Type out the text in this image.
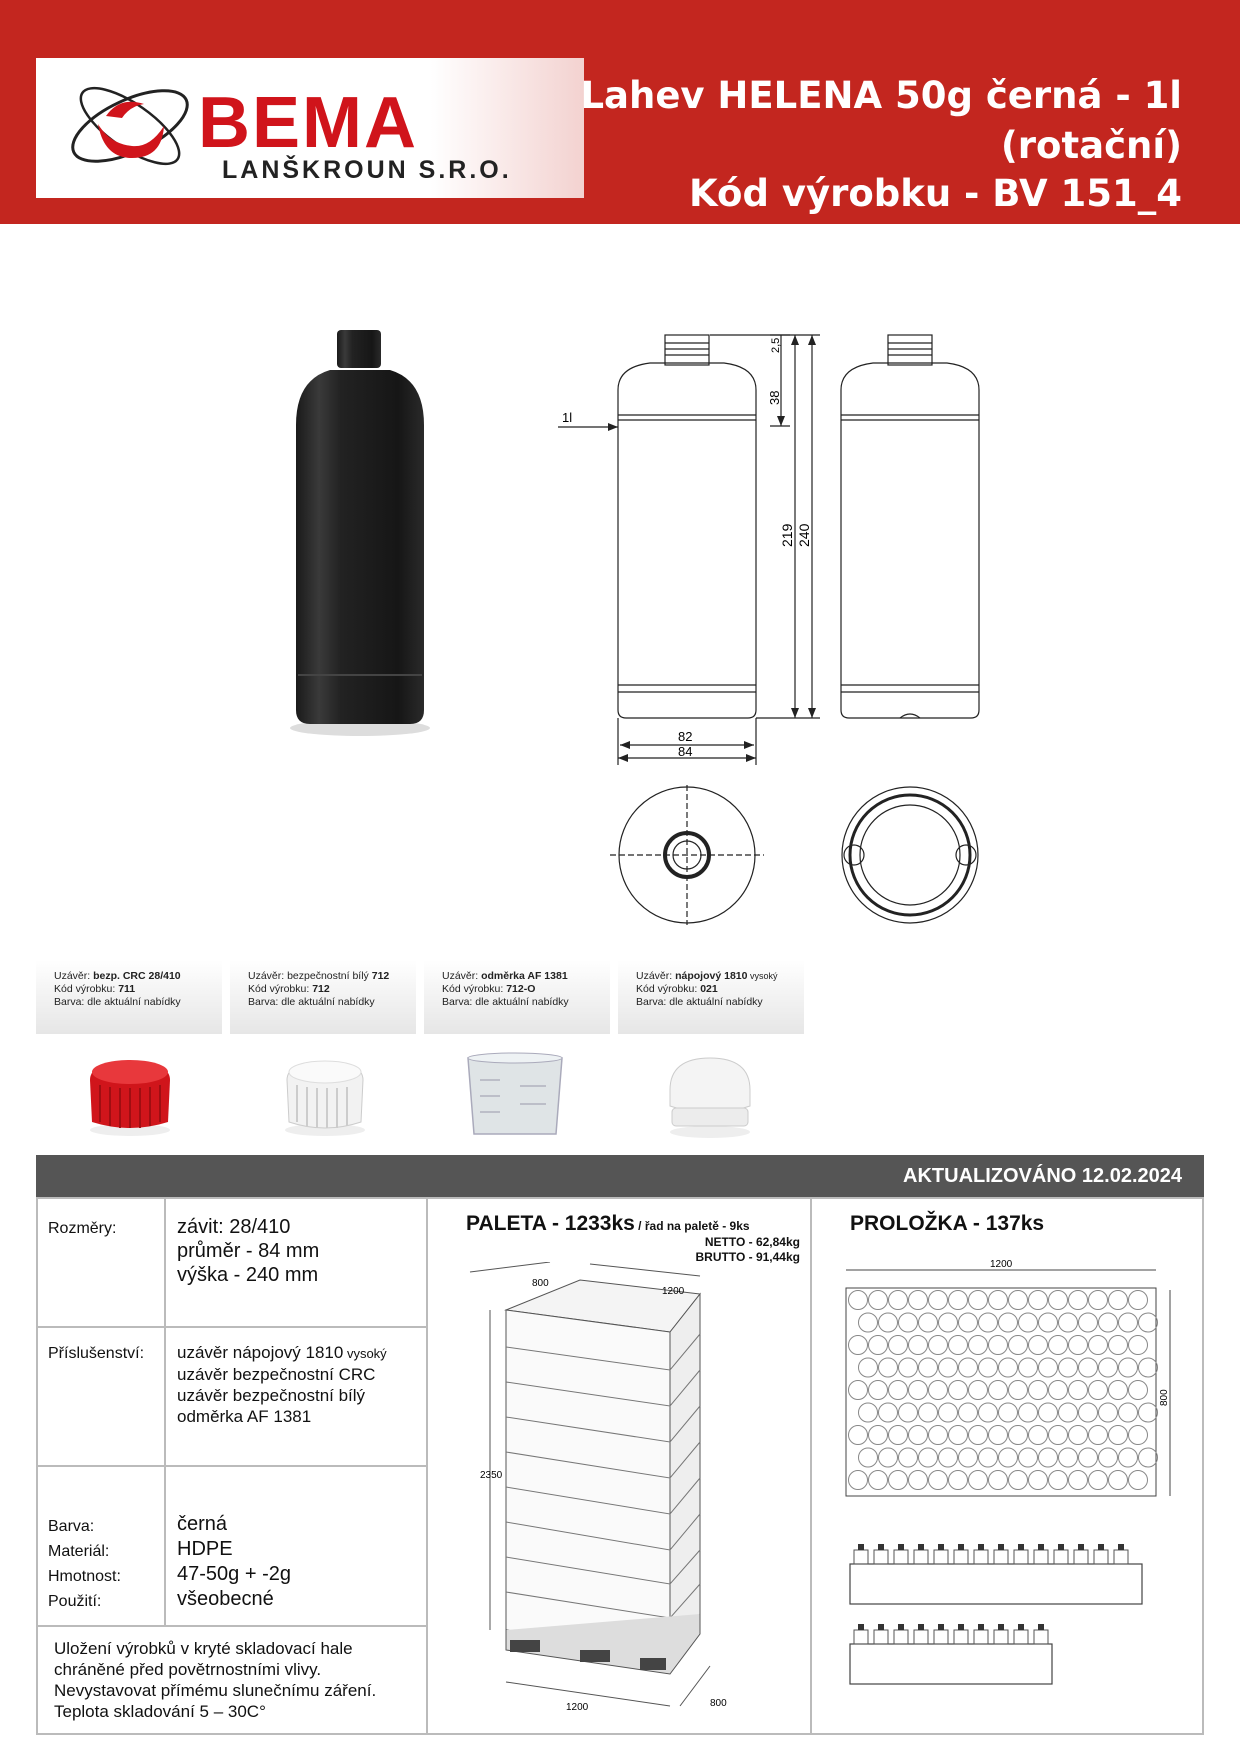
BEMA
LANŠKROUN S.R.O.
Lahev HELENA 50g černá - 1l
(rotační)
Kód výrobku - BV 151_4
1l
2,5
38
219 240
82
84
Uzávěr: bezp. CRC 28/410
Kód výrobku: 711
Barva: dle aktuální nabídky
Uzávěr: bezpečnostní bílý 712
Kód výrobku: 712
Barva: dle aktuální nabídky
Uzávěr: odměrka AF 1381
Kód výrobku: 712-O
Barva: dle aktuální nabídky
Uzávěr: nápojový 1810 vysoký
Kód výrobku: 021
Barva: dle aktuální nabídky
AKTUALIZOVÁNO 12.02.2024
Rozměry:	závit: 28/410
průměr - 84 mm
výška - 240 mm
Příslušenství: uzávěr nápojový 1810 vysoký
uzávěr bezpečnostní CRC
uzávěr bezpečnostní bílý
odměrka AF 1381
Barva:
Materiál:
Hmotnost:
Použití:
černá
HDPE
47-50g + -2g
všeobecné
Uložení výrobků v kryté skladovací hale
chráněné před povětrnostními vlivy.
Nevystavovat přímému slunečnímu záření.
Teplota skladování 5 – 30C°
PALETA - 1233ks / řad na paletě - 9ks
NETTO - 62,84kg
BRUTTO - 91,44kg
800
1200
2350
1200	800
PROLOŽKA - 137ks
1200
800
